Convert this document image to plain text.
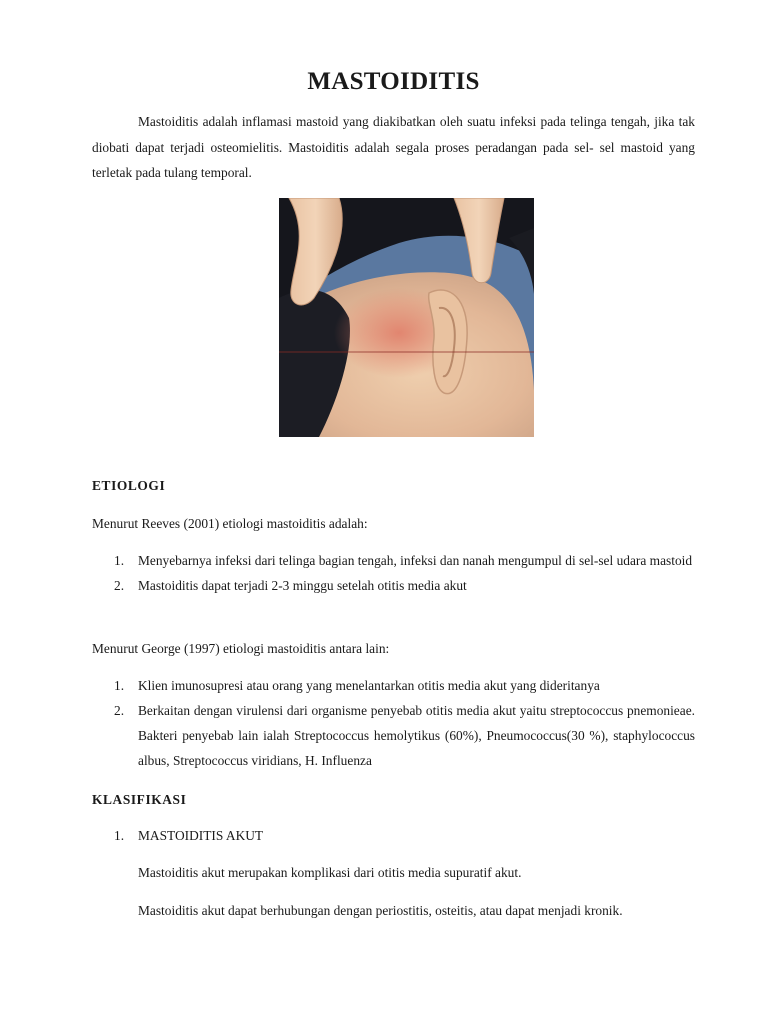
MASTOIDITIS

Mastoiditis adalah inflamasi mastoid yang diakibatkan oleh suatu infeksi pada telinga tengah, jika tak diobati dapat terjadi osteomielitis. Mastoiditis adalah segala proses peradangan pada sel- sel mastoid yang terletak pada tulang temporal.

ETIOLOGI

Menurut Reeves (2001) etiologi mastoiditis adalah:

1. Menyebarnya infeksi dari telinga bagian tengah, infeksi dan nanah mengumpul di sel-sel udara mastoid
2. Mastoiditis dapat terjadi 2-3 minggu setelah otitis media akut

Menurut George (1997) etiologi mastoiditis antara lain:

1. Klien imunosupresi atau orang yang menelantarkan otitis media akut yang dideritanya
2. Berkaitan dengan virulensi dari organisme penyebab otitis media akut yaitu streptococcus pnemonieae. Bakteri penyebab lain ialah Streptococcus hemolytikus (60%), Pneumococcus(30 %), staphylococcus albus, Streptococcus viridians, H. Influenza
KLASIFIKASI
1. MASTOIDITIS AKUT

Mastoiditis akut merupakan komplikasi dari otitis media supuratif akut.

Mastoiditis akut dapat berhubungan dengan periostitis, osteitis, atau dapat menjadi kronik.
